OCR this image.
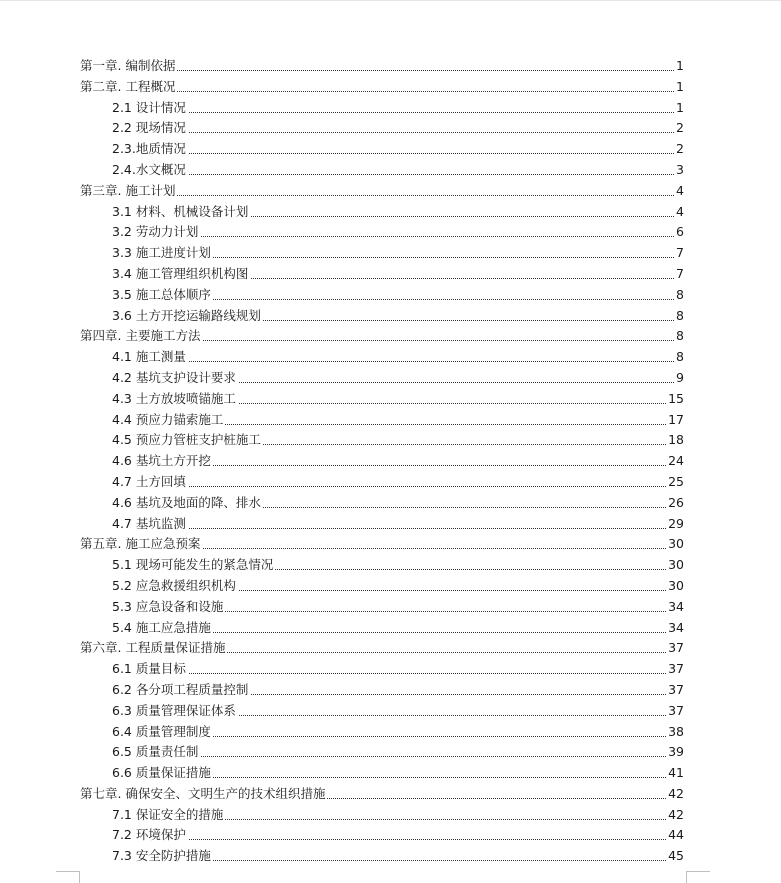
第一章. 编制依据	1
第二章. 工程概况	1
2.1 设计情况	1
2.2 现场情况	2
2.3.地质情况	2
2.4.水文概况	3
第三章. 施工计划	4
3.1 材料、机械设备计划	4
3.2 劳动力计划	6
3.3 施工进度计划	7
3.4 施工管理组织机构图	7
3.5 施工总体顺序	8
3.6 土方开挖运输路线规划	8
第四章. 主要施工方法	8
4.1 施工测量	8
4.2 基坑支护设计要求	9
4.3 土方放坡喷锚施工	15
4.4 预应力锚索施工	17
4.5 预应力管桩支护桩施工	18
4.6 基坑土方开挖	24
4.7 土方回填	25
4.6 基坑及地面的降、排水	26
4.7 基坑监测	29
第五章. 施工应急预案	30
5.1 现场可能发生的紧急情况	30
5.2 应急救援组织机构	30
5.3 应急设备和设施	34
5.4 施工应急措施	34
第六章. 工程质量保证措施	37
6.1 质量目标	37
6.2 各分项工程质量控制	37
6.3 质量管理保证体系	37
6.4 质量管理制度	38
6.5 质量责任制	39
6.6 质量保证措施	41
第七章. 确保安全、文明生产的技术组织措施	42
7.1 保证安全的措施	42
7.2 环境保护	44
7.3 安全防护措施	45
